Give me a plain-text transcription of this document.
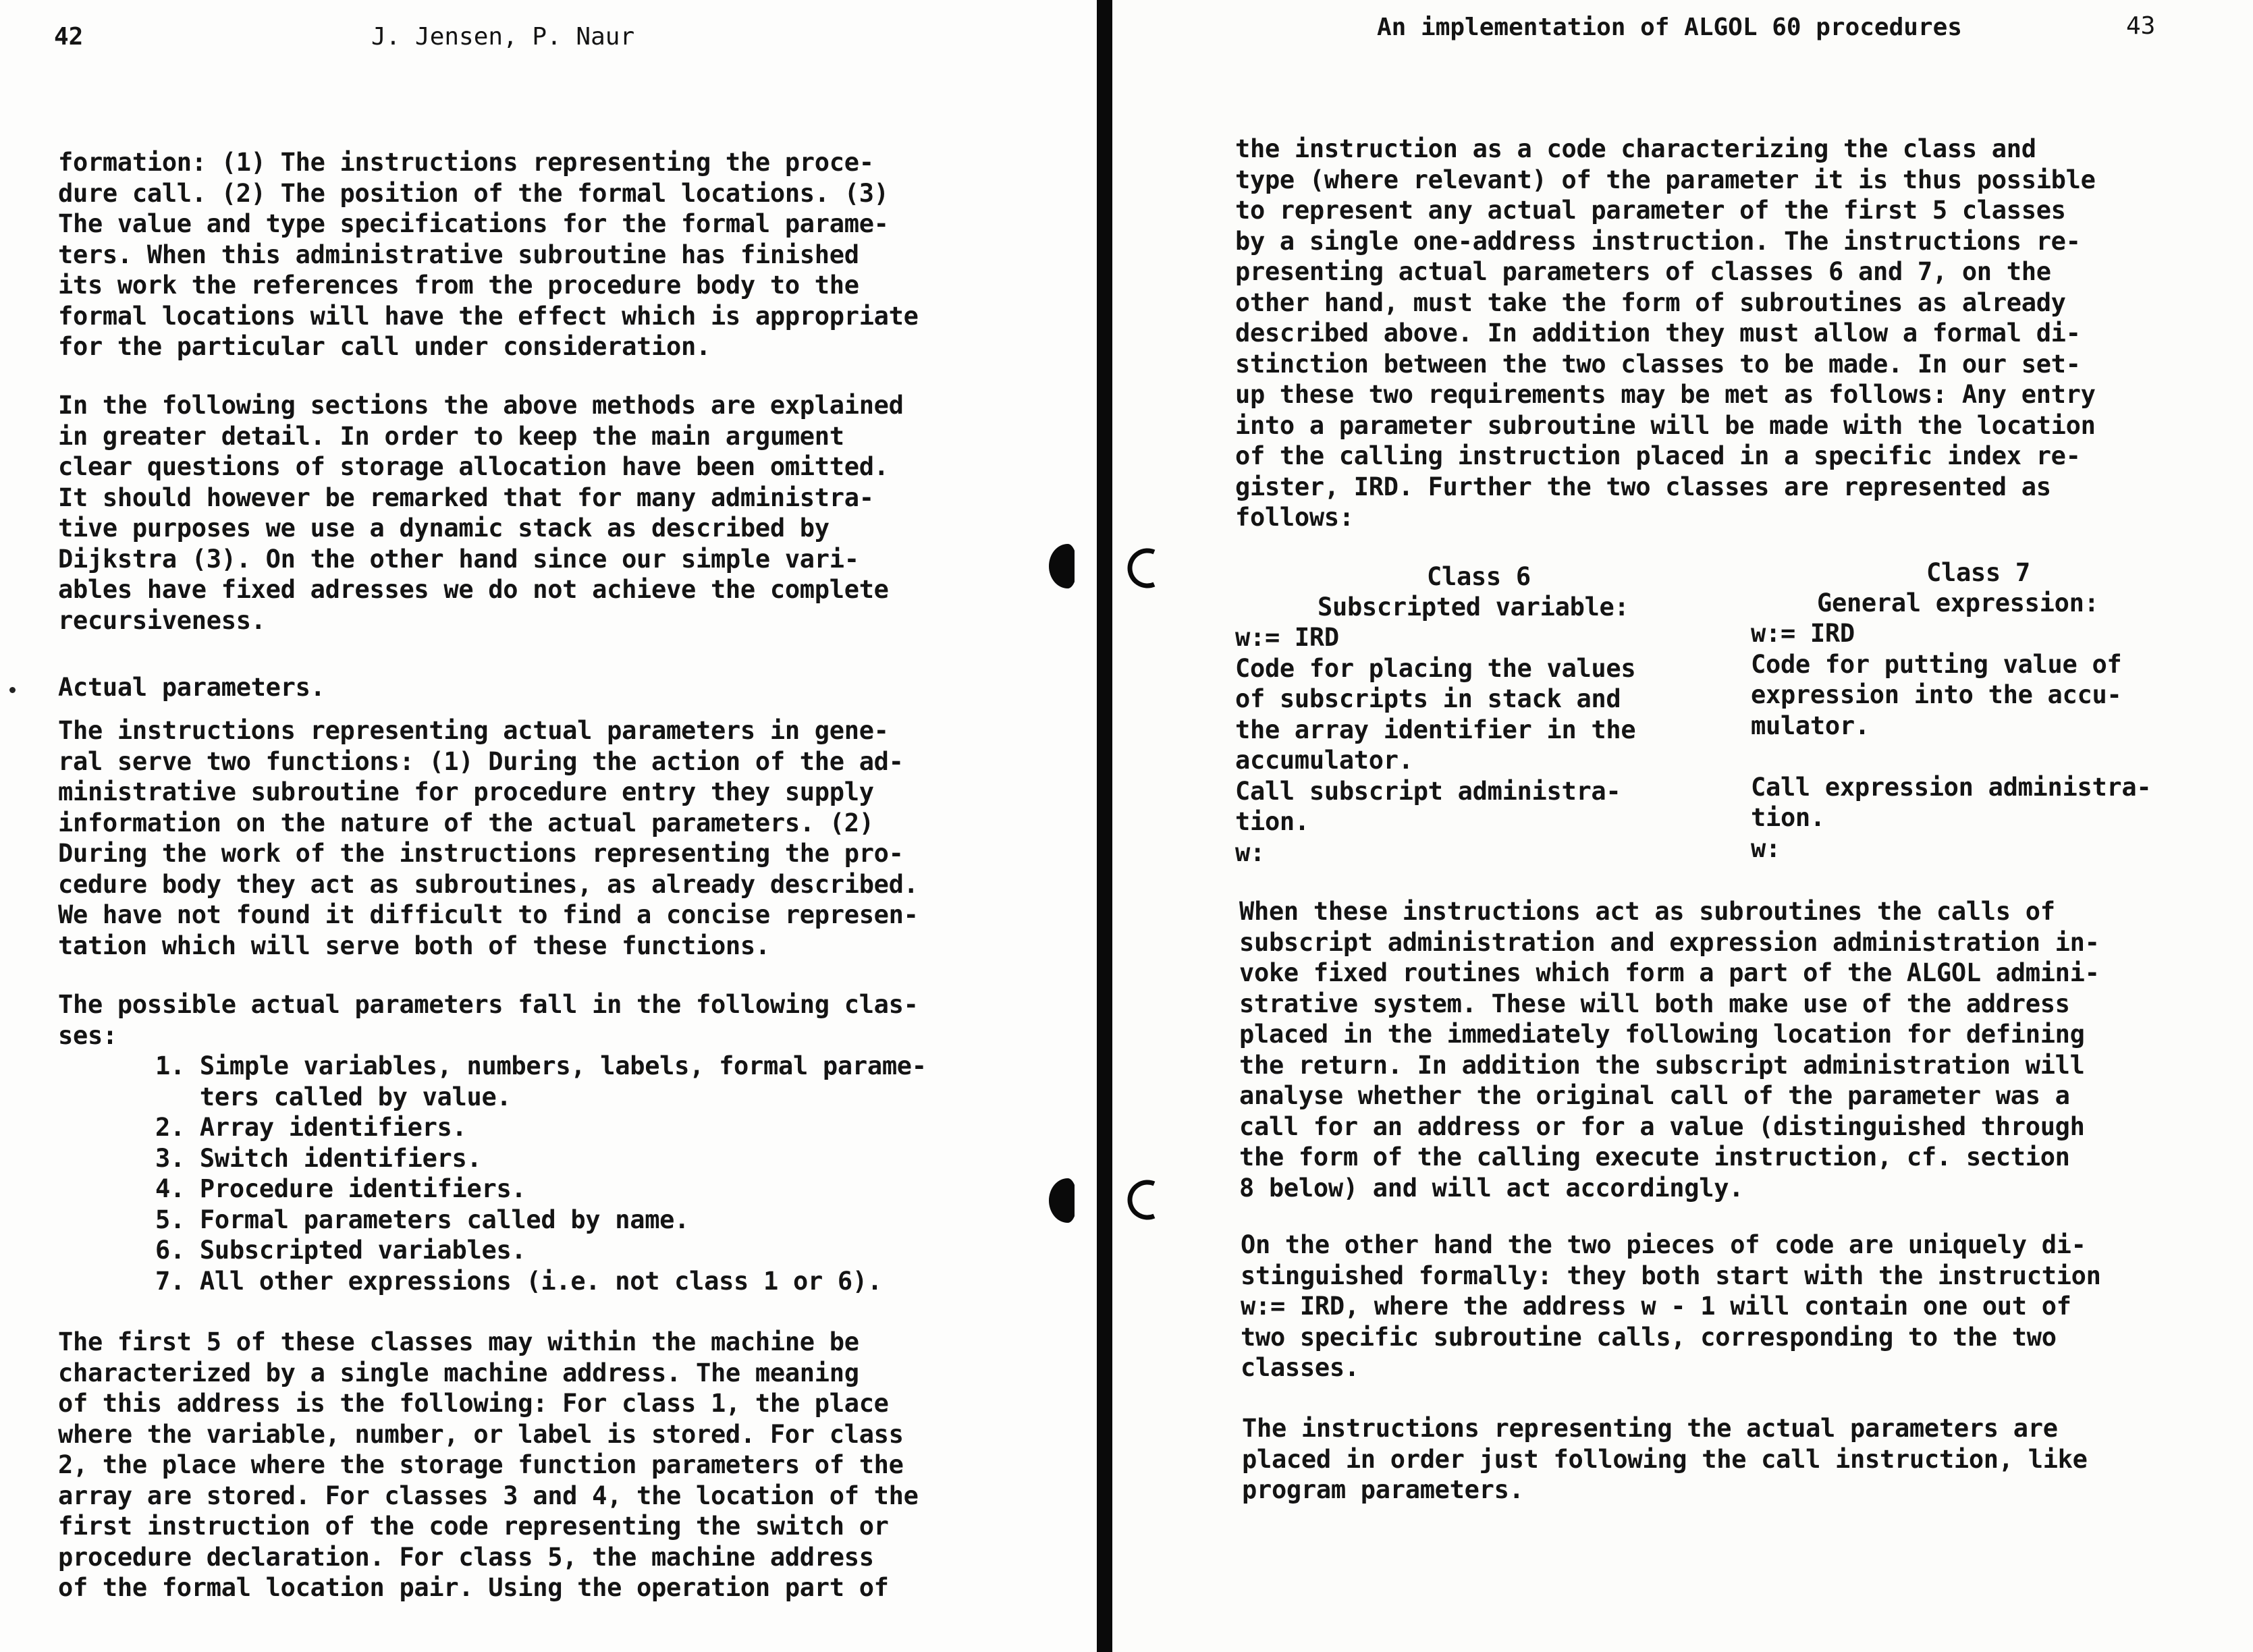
42	J. Jensen, P. Naur

formation: (1) The instructions representing the proce-
dure call. (2) The position of the formal locations. (3)
The value and type specifications for the formal parame-
ters. When this administrative subroutine has finished
its work the references from the procedure body to the
formal locations will have the effect which is appropriate
for the particular call under consideration.

In the following sections the above methods are explained
in greater detail. In order to keep the main argument
clear questions of storage allocation have been omitted.
It should however be remarked that for many administra-
tive purposes we use a dynamic stack as described by
Dijkstra (3). On the other hand since our simple vari-
ables have fixed adresses we do not achieve the complete
recursiveness.

Actual parameters.

The instructions representing actual parameters in gene-
ral serve two functions: (1) During the action of the ad-
ministrative subroutine for procedure entry they supply
information on the nature of the actual parameters. (2)
During the work of the instructions representing the pro-
cedure body they act as subroutines, as already described.
We have not found it difficult to find a concise represen-
tation which will serve both of these functions.

The possible actual parameters fall in the following clas-
ses:

1. Simple variables, numbers, labels, formal parame-
ters called by value.
2. Array identifiers.
3. Switch identifiers.
4. Procedure identifiers.
5. Formal parameters called by name.
6. Subscripted variables.
7. All other expressions (i.e. not class 1 or 6).

The first 5 of these classes may within the machine be
characterized by a single machine address. The meaning
of this address is the following: For class 1, the place
where the variable, number, or label is stored. For class
2, the place where the storage function parameters of the
array are stored. For classes 3 and 4, the location of the
first instruction of the code representing the switch or
procedure declaration. For class 5, the machine address
of the formal location pair. Using the operation part of

An implementation of ALGOL 60 procedures	43

the instruction as a code characterizing the class and
type (where relevant) of the parameter it is thus possible
to represent any actual parameter of the first 5 classes
by a single one-address instruction. The instructions re-
presenting actual parameters of classes 6 and 7, on the
other hand, must take the form of subroutines as already
described above. In addition they must allow a formal di-
stinction between the two classes to be made. In our set-
up these two requirements may be met as follows: Any entry
into a parameter subroutine will be made with the location
of the calling instruction placed in a specific index re-
gister, IRD. Further the two classes are represented as
follows:

Class 6

Subscripted variable:

w:= IRD
Code for placing the values
of subscripts in stack and
the array identifier in the
accumulator.
Call subscript administra-
tion.
w:

Class 7

General expression:

w:= IRD
Code for putting value of
expression into the accu-
mulator.

Call expression administra-
tion.
w:

When these instructions act as subroutines the calls of
subscript administration and expression administration in-
voke fixed routines which form a part of the ALGOL admini-
strative system. These will both make use of the address
placed in the immediately following location for defining
the return. In addition the subscript administration will
analyse whether the original call of the parameter was a
call for an address or for a value (distinguished through
the form of the calling execute instruction, cf. section
8 below) and will act accordingly.

On the other hand the two pieces of code are uniquely di-
stinguished formally: they both start with the instruction
w:= IRD, where the address w - 1 will contain one out of
two specific subroutine calls, corresponding to the two
classes.

The instructions representing the actual parameters are
placed in order just following the call instruction, like
program parameters.
